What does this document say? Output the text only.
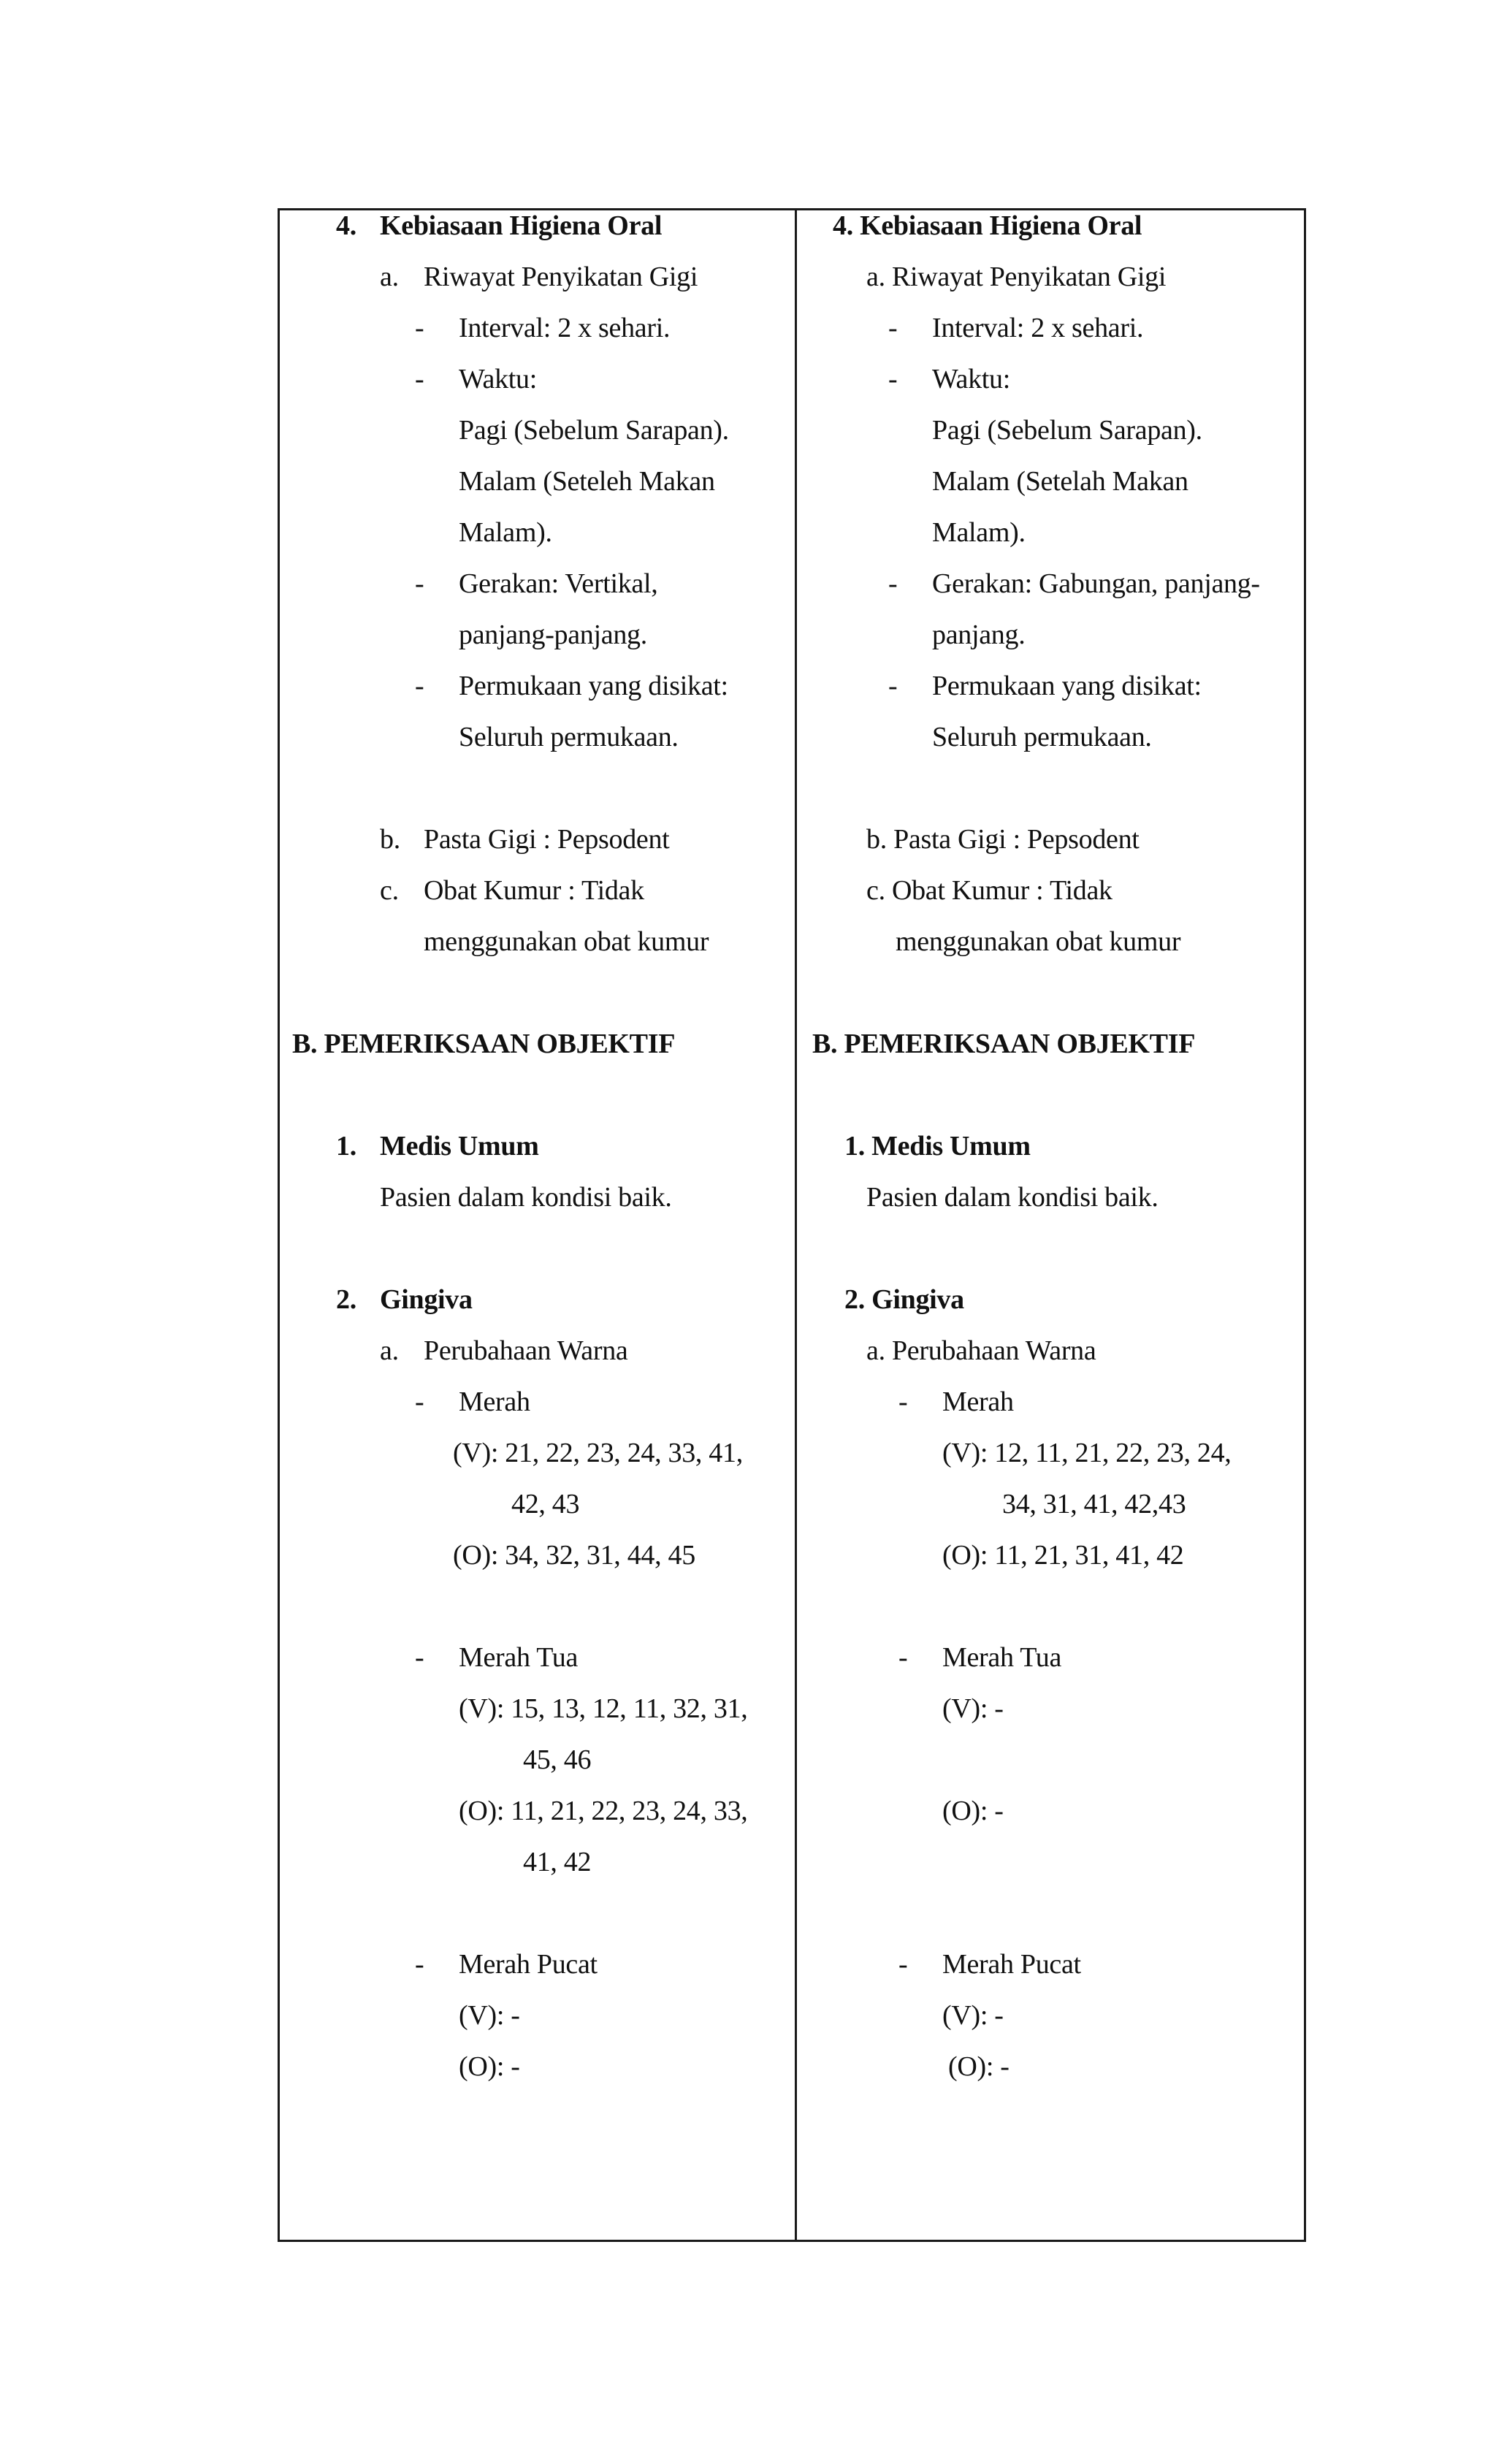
4. Kebiasaan Higiena Oral
a. Riwayat Penyikatan Gigi
- Interval: 2 x sehari.
- Waktu:
Pagi (Sebelum Sarapan).
Malam (Seteleh Makan
Malam).
- Gerakan: Vertikal,
panjang-panjang.
- Permukaan yang disikat:
Seluruh permukaan.
b. Pasta Gigi : Pepsodent
c. Obat Kumur : Tidak
menggunakan obat kumur
B. PEMERIKSAAN OBJEKTIF
1. Medis Umum
Pasien dalam kondisi baik.
2. Gingiva
a. Perubahaan Warna
- Merah
(V): 21, 22, 23, 24, 33, 41,
42, 43
(O): 34, 32, 31, 44, 45
- Merah Tua
(V): 15, 13, 12, 11, 32, 31,
45, 46
(O): 11, 21, 22, 23, 24, 33,
41, 42
- Merah Pucat
(V): -
(O): -
4. Kebiasaan Higiena Oral
a. Riwayat Penyikatan Gigi
- Interval: 2 x sehari.
- Waktu:
Pagi (Sebelum Sarapan).
Malam (Setelah Makan
Malam).
- Gerakan: Gabungan, panjang-
panjang.
- Permukaan yang disikat:
Seluruh permukaan.
b. Pasta Gigi : Pepsodent
c. Obat Kumur : Tidak
menggunakan obat kumur
B. PEMERIKSAAN OBJEKTIF
1. Medis Umum
Pasien dalam kondisi baik.
2. Gingiva
a. Perubahaan Warna
- Merah
(V): 12, 11, 21, 22, 23, 24,
34, 31, 41, 42,43
(O): 11, 21, 31, 41, 42
- Merah Tua
(V): -
(O): -
- Merah Pucat
(V): -
(O): -
